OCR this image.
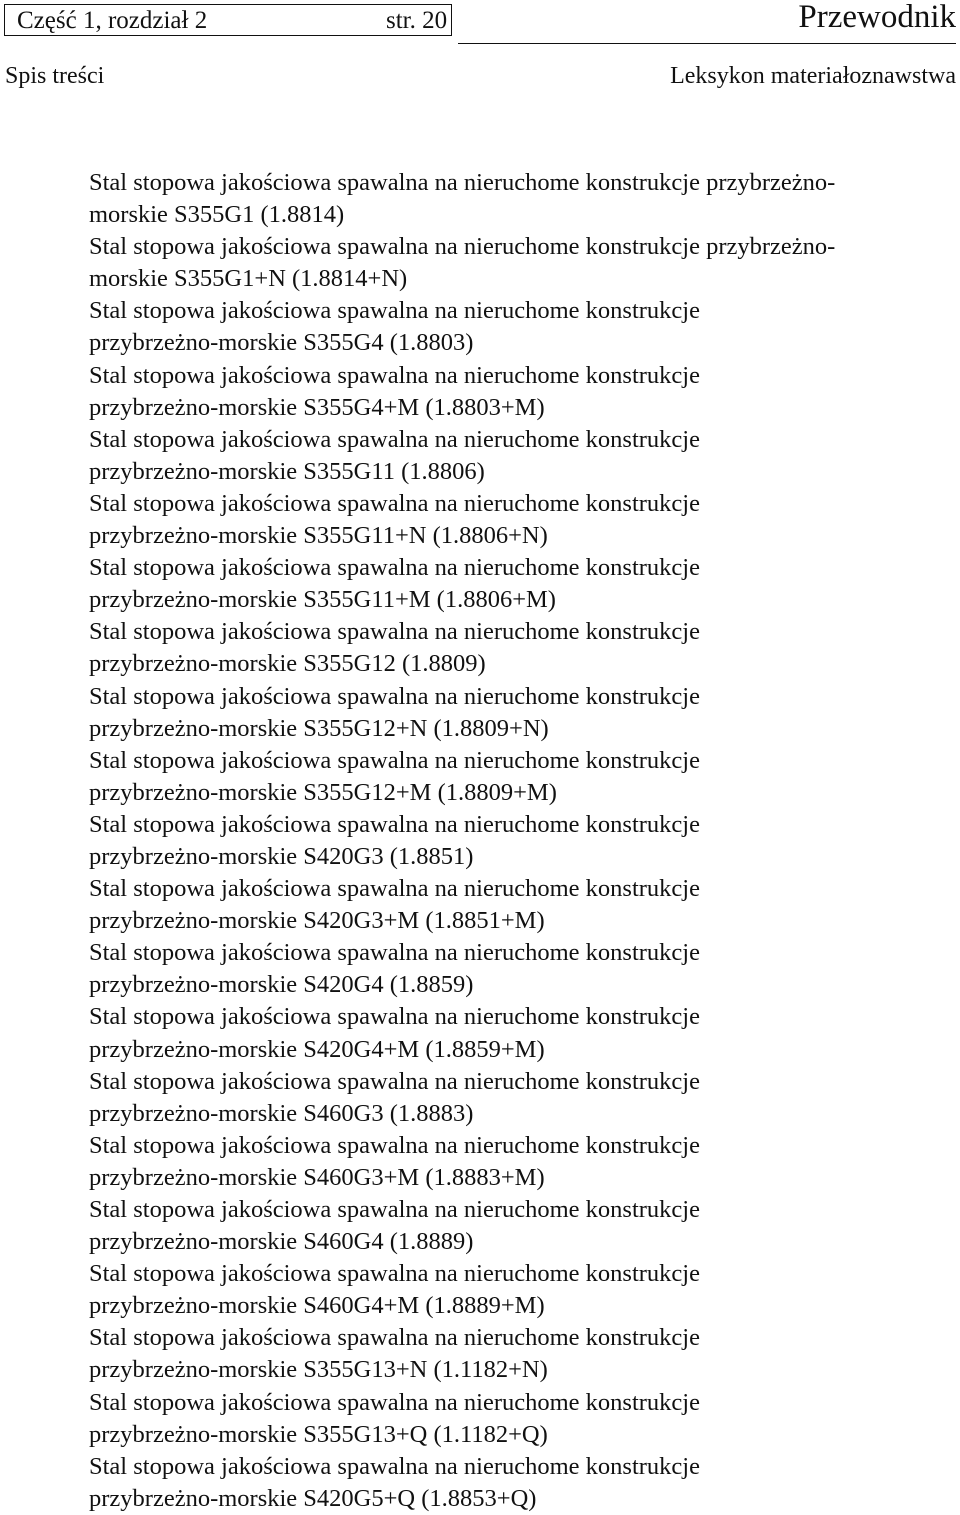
Część 1, rozdział 2	str. 20	Przewodnik
Spis treści	Leksykon materiałoznawstwa
Stal stopowa jakościowa spawalna na nieruchome konstrukcje przybrzeżno-
morskie S355G1 (1.8814)
Stal stopowa jakościowa spawalna na nieruchome konstrukcje przybrzeżno-
morskie S355G1+N (1.8814+N)
Stal stopowa jakościowa spawalna na nieruchome konstrukcje
przybrzeżno-morskie S355G4 (1.8803)
Stal stopowa jakościowa spawalna na nieruchome konstrukcje
przybrzeżno-morskie S355G4+M (1.8803+M)
Stal stopowa jakościowa spawalna na nieruchome konstrukcje
przybrzeżno-morskie S355G11 (1.8806)
Stal stopowa jakościowa spawalna na nieruchome konstrukcje
przybrzeżno-morskie S355G11+N (1.8806+N)
Stal stopowa jakościowa spawalna na nieruchome konstrukcje
przybrzeżno-morskie S355G11+M (1.8806+M)
Stal stopowa jakościowa spawalna na nieruchome konstrukcje
przybrzeżno-morskie S355G12 (1.8809)
Stal stopowa jakościowa spawalna na nieruchome konstrukcje
przybrzeżno-morskie S355G12+N (1.8809+N)
Stal stopowa jakościowa spawalna na nieruchome konstrukcje
przybrzeżno-morskie S355G12+M (1.8809+M)
Stal stopowa jakościowa spawalna na nieruchome konstrukcje
przybrzeżno-morskie S420G3 (1.8851)
Stal stopowa jakościowa spawalna na nieruchome konstrukcje
przybrzeżno-morskie S420G3+M (1.8851+M)
Stal stopowa jakościowa spawalna na nieruchome konstrukcje
przybrzeżno-morskie S420G4 (1.8859)
Stal stopowa jakościowa spawalna na nieruchome konstrukcje
przybrzeżno-morskie S420G4+M (1.8859+M)
Stal stopowa jakościowa spawalna na nieruchome konstrukcje
przybrzeżno-morskie S460G3 (1.8883)
Stal stopowa jakościowa spawalna na nieruchome konstrukcje
przybrzeżno-morskie S460G3+M (1.8883+M)
Stal stopowa jakościowa spawalna na nieruchome konstrukcje
przybrzeżno-morskie S460G4 (1.8889)
Stal stopowa jakościowa spawalna na nieruchome konstrukcje
przybrzeżno-morskie S460G4+M (1.8889+M)
Stal stopowa jakościowa spawalna na nieruchome konstrukcje
przybrzeżno-morskie S355G13+N (1.1182+N)
Stal stopowa jakościowa spawalna na nieruchome konstrukcje
przybrzeżno-morskie S355G13+Q (1.1182+Q)
Stal stopowa jakościowa spawalna na nieruchome konstrukcje
przybrzeżno-morskie S420G5+Q (1.8853+Q)
